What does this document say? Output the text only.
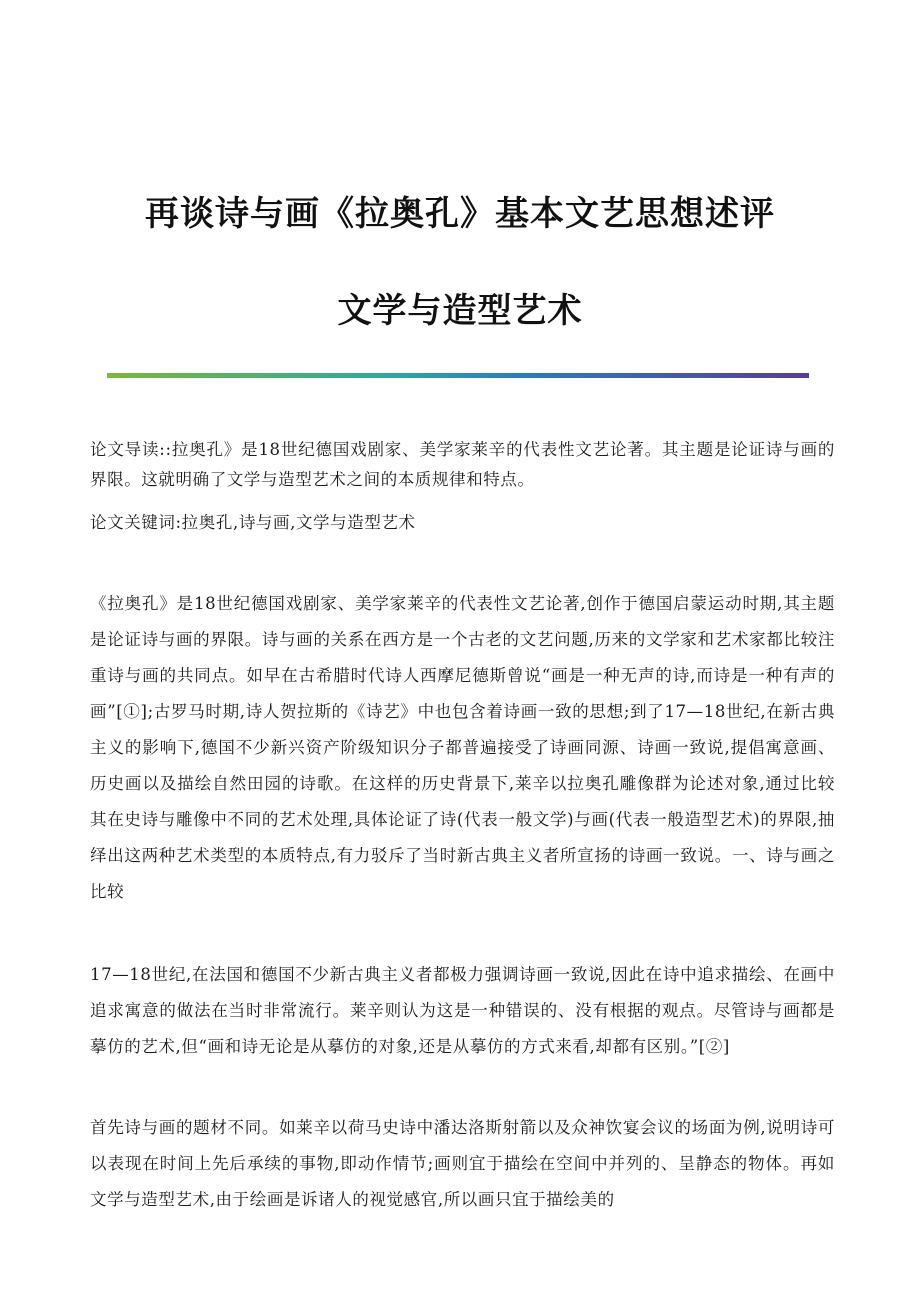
再谈诗与画《拉奥孔》基本文艺思想述评
文学与造型艺术
论文导读::拉奥孔》是18世纪德国戏剧家、美学家莱辛的代表性文艺论著。其主题是论证诗与画的界限。这就明确了文学与造型艺术之间的本质规律和特点。
论文关键词:拉奥孔,诗与画,文学与造型艺术

《拉奥孔》是18世纪德国戏剧家、美学家莱辛的代表性文艺论著,创作于德国启蒙运动时期,其主题是论证诗与画的界限。诗与画的关系在西方是一个古老的文艺问题,历来的文学家和艺术家都比较注重诗与画的共同点。如早在古希腊时代诗人西摩尼德斯曾说“画是一种无声的诗,而诗是一种有声的画”[①];古罗马时期,诗人贺拉斯的《诗艺》中也包含着诗画一致的思想;到了17—18世纪,在新古典主义的影响下,德国不少新兴资产阶级知识分子都普遍接受了诗画同源、诗画一致说,提倡寓意画、历史画以及描绘自然田园的诗歌。在这样的历史背景下,莱辛以拉奥孔雕像群为论述对象,通过比较其在史诗与雕像中不同的艺术处理,具体论证了诗(代表一般文学)与画(代表一般造型艺术)的界限,抽绎出这两种艺术类型的本质特点,有力驳斥了当时新古典主义者所宣扬的诗画一致说。一、诗与画之比较

17—18世纪,在法国和德国不少新古典主义者都极力强调诗画一致说,因此在诗中追求描绘、在画中追求寓意的做法在当时非常流行。莱辛则认为这是一种错误的、没有根据的观点。尽管诗与画都是摹仿的艺术,但“画和诗无论是从摹仿的对象,还是从摹仿的方式来看,却都有区别。”[②]

首先诗与画的题材不同。如莱辛以荷马史诗中潘达洛斯射箭以及众神饮宴会议的场面为例,说明诗可以表现在时间上先后承续的事物,即动作情节;画则宜于描绘在空间中并列的、呈静态的物体。再如文学与造型艺术,由于绘画是诉诸人的视觉感官,所以画只宜于描绘美的
